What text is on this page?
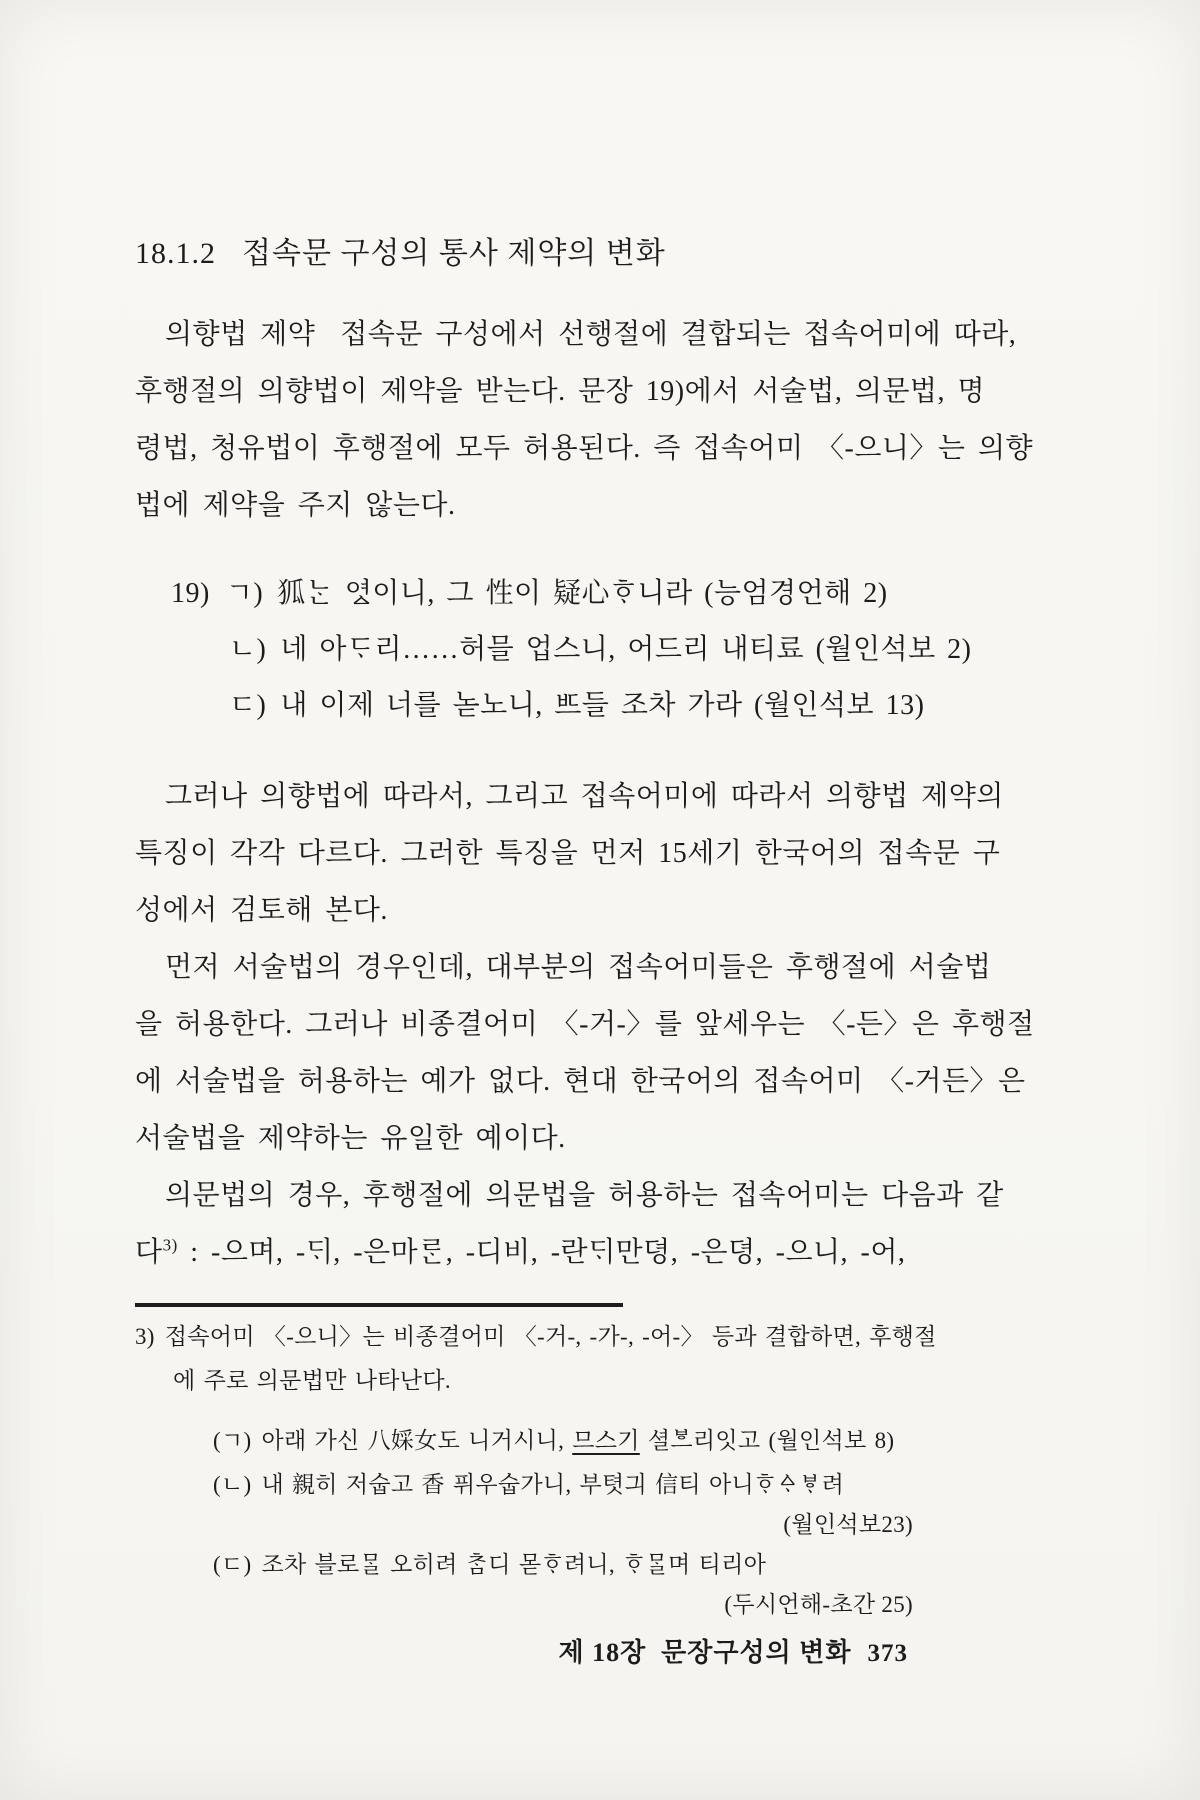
18.1.2 접속문 구성의 통사 제약의 변화
의향법 제약  접속문 구성에서 선행절에 결합되는 접속어미에 따라,
후행절의 의향법이 제약을 받는다. 문장 19)에서 서술법, 의문법, 명
령법, 청유법이 후행절에 모두 허용된다. 즉 접속어미 〈-으니〉는 의향
법에 제약을 주지 않는다.
19) ㄱ) 狐ᄂᆞᆫ 여ᇫ이니, 그 性이 疑心ᄒᆞ니라 (능엄경언해 2)
ㄴ) 네 아ᄃᆞ리……허믈 업스니, 어드리 내티료 (월인석보 2)
ㄷ) 내 이제 너를 녿노니, ᄠᅳ들 조차 가라 (월인석보 13)
그러나 의향법에 따라서, 그리고 접속어미에 따라서 의향법 제약의
특징이 각각 다르다. 그러한 특징을 먼저 15세기 한국어의 접속문 구
성에서 검토해 본다.
먼저 서술법의 경우인데, 대부분의 접속어미들은 후행절에 서술법
을 허용한다. 그러나 비종결어미 〈-거-〉를 앞세우는 〈-든〉은 후행절
에 서술법을 허용하는 예가 없다. 현대 한국어의 접속어미 〈-거든〉은
서술법을 제약하는 유일한 예이다.
의문법의 경우, 후행절에 의문법을 허용하는 접속어미는 다음과 같
다$^{3)}$ : -으며, -ᄃᆡ, -은마ᄅᆞᆫ, -디비, -란ᄃᆡ만뎡, -은뎡, -으니, -어,
3) 접속어미 〈-으니〉는 비종결어미 〈-거-, -가-, -어-〉 등과 결합하면, 후행절
에 주로 의문법만 나타난다.
(ㄱ) 아래 가신 八婇女도 니거시니, 므스기 셜ᄫᅳ리잇고 (월인석보 8)
(ㄴ) 내 親히 저숩고 香 퓌우숩가니, 부텻긔 信티 아니ᄒᆞᅀᆞᄫᆞ려
(월인석보23)
(ㄷ) 조차 블로ᄆᆞᆯ 오히려 ᄎᆞᆷ디 몯ᄒᆞ려니, ᄒᆞᄆᆞᆯ며 티리아
(두시언해-초간 25)
제 18장  문장구성의 변화 373
